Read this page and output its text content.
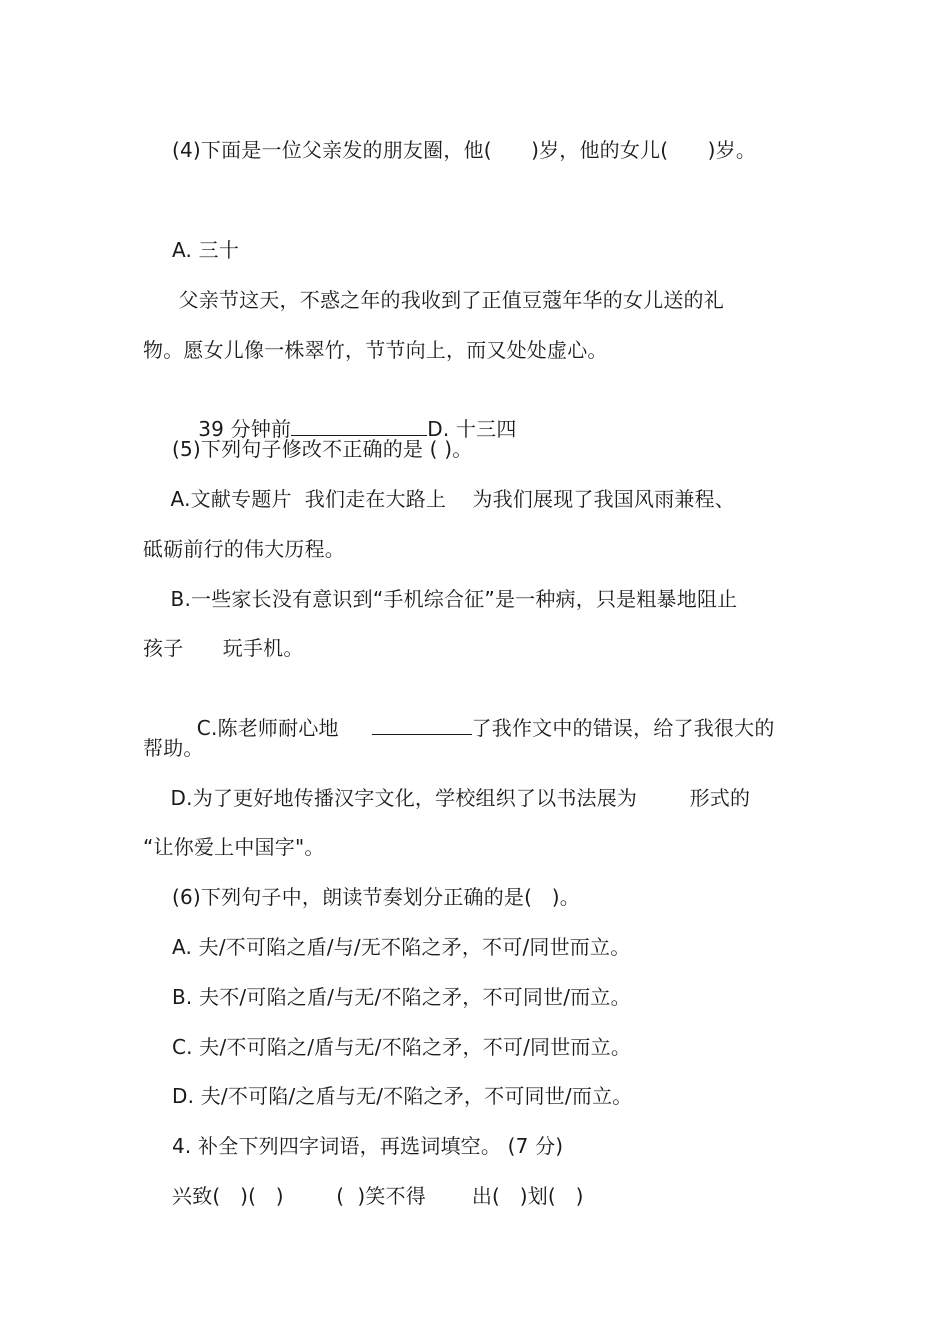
(4)下面是一位父亲发的朋友圈，他(      )岁，他的女儿(      )岁。
A. 三十
父亲节这天，不惑之年的我收到了正值豆蔻年华的女儿送的礼
物。愿女儿像一株翠竹，节节向上，而又处处虚心。

39 分钟前	D. 十三四

(5)下列句子修改不正确的是 ( )。
A.文献专题片  我们走在大路上    为我们展现了我国风雨兼程、
砥砺前行的伟大历程。
B.一些家长没有意识到“手机综合征”是一种病，只是粗暴地阻止
孩子      玩手机。

C.陈老师耐心地	了我作文中的错误，给了我很大的

帮助。
D.为了更好地传播汉字文化，学校组织了以书法展为        形式的
“让你爱上中国字"。
(6)下列句子中，朗读节奏划分正确的是(   )。
A. 夫/不可陷之盾/与/无不陷之矛，不可/同世而立。
B. 夫不/可陷之盾/与无/不陷之矛，不可同世/而立。
C. 夫/不可陷之/盾与无/不陷之矛，不可/同世而立。
D. 夫/不可陷/之盾与无/不陷之矛，不可同世/而立。
4. 补全下列四字词语，再选词填空。 (7 分)
兴致(   )(   )        (  )笑不得       出(   )划(   )
